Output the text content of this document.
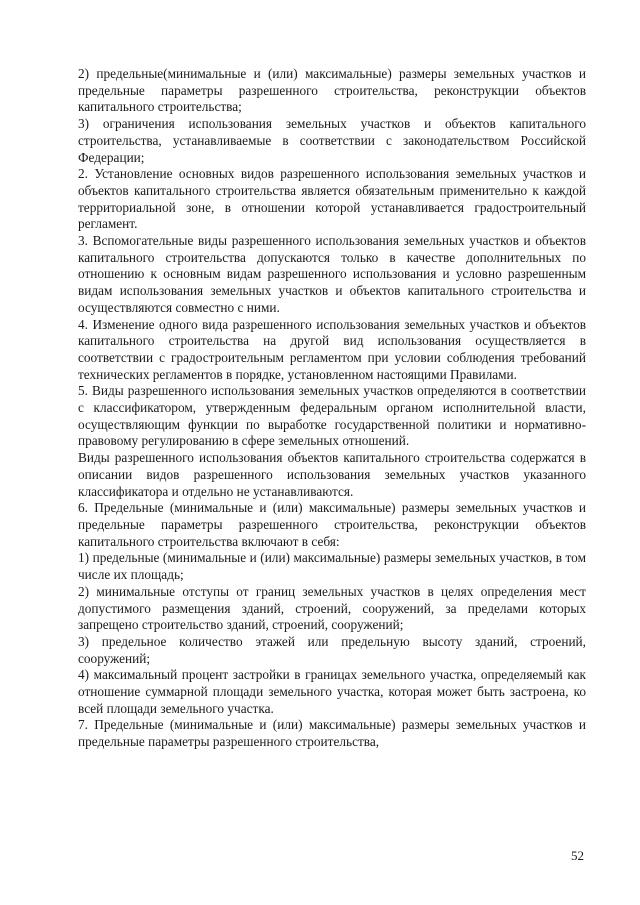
2) предельные(минимальные и (или) максимальные) размеры земельных участков и предельные параметры разрешенного строительства, реконструкции объектов капитального строительства;

3) ограничения использования земельных участков и объектов капитального строительства, устанавливаемые в соответствии с законодательством Российской Федерации;

2. Установление основных видов разрешенного использования земельных участков и объектов капитального строительства является обязательным применительно к каждой территориальной зоне, в отношении которой устанавливается градостроительный регламент.

3. Вспомогательные виды разрешенного использования земельных участков и объектов капитального строительства допускаются только в качестве дополнительных по отношению к основным видам разрешенного использования и условно разрешенным видам использования земельных участков и объектов капитального строительства и осуществляются совместно с ними.

4. Изменение одного вида разрешенного использования земельных участков и объектов капитального строительства на другой вид использования осуществляется в соответствии с градостроительным регламентом при условии соблюдения требований технических регламентов в порядке, установленном настоящими Правилами.

5. Виды разрешенного использования земельных участков определяются в соответствии с классификатором, утвержденным федеральным органом исполнительной власти, осуществляющим функции по выработке государственной политики и нормативно-правовому регулированию в сфере земельных отношений.

Виды разрешенного использования объектов капитального строительства содержатся в описании видов разрешенного использования земельных участков указанного классификатора и отдельно не устанавливаются.

6. Предельные (минимальные и (или) максимальные) размеры земельных участков и предельные параметры разрешенного строительства, реконструкции объектов капитального строительства включают в себя:

1) предельные (минимальные и (или) максимальные) размеры земельных участков, в том числе их площадь;

2) минимальные отступы от границ земельных участков в целях определения мест допустимого размещения зданий, строений, сооружений, за пределами которых запрещено строительство зданий, строений, сооружений;

3) предельное количество этажей или предельную высоту зданий, строений, сооружений;

4) максимальный процент застройки в границах земельного участка, определяемый как отношение суммарной площади земельного участка, которая может быть застроена, ко всей площади земельного участка.

7. Предельные (минимальные и (или) максимальные) размеры земельных участков и предельные параметры разрешенного строительства,

52
